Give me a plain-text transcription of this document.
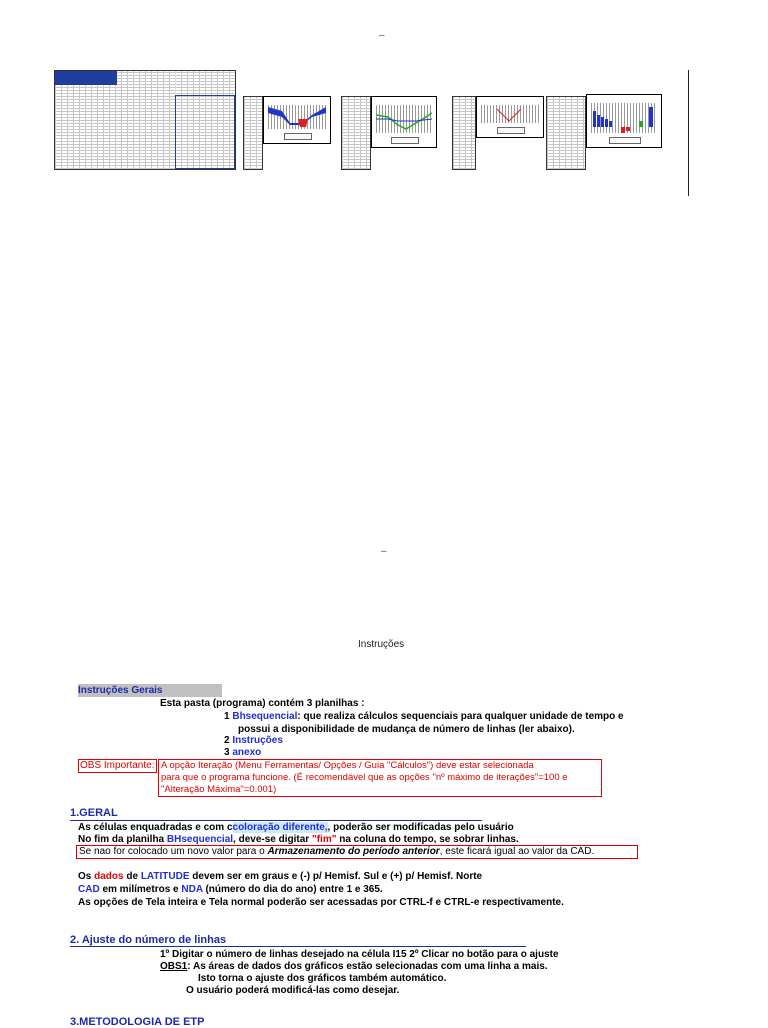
–
–
Instruções
Instruções Gerais
Esta pasta (programa) contém 3 planilhas :
1 Bhsequencial: que realiza cálculos sequenciais para qualquer unidade de tempo e
possui a disponibilidade de mudança de número de linhas (ler abaixo).
2 Instruções
3 anexo
OBS Importante: A opção Iteração (Menu Ferramentas/ Opções / Guia "Cálculos") deve estar selecionada
para que o programa funcione. (É recomendável que as opções "nº máximo de iterações"=100 e
"Alteração Máxima"=0.001)
1.GERAL
As células enquadradas e com ccoloração diferente,, poderão ser modificadas pelo usuário
No fim da planilha BHsequencial, deve-se digitar "fim" na coluna do tempo, se sobrar linhas.
Se nao for colocado um novo valor para o Armazenamento do período anterior, este ficará igual ao valor da CAD.
Os dados de LATITUDE devem ser em graus e (-) p/ Hemisf. Sul e (+) p/ Hemisf. Norte
CAD em milímetros e NDA (número do dia do ano) entre 1 e 365.
As opções de Tela inteira e Tela normal poderão ser acessadas por CTRL-f e CTRL-e respectivamente.
2. Ajuste do número de linhas
1º Digitar o número de linhas desejado na célula I15 2º Clicar no botão para o ajuste
OBS1: As áreas de dados dos gráficos estão selecionadas com uma linha a mais.
Isto torna o ajuste dos gráficos também automático.
O usuário poderá modificá-las como desejar.
3.METODOLOGIA DE ETP
